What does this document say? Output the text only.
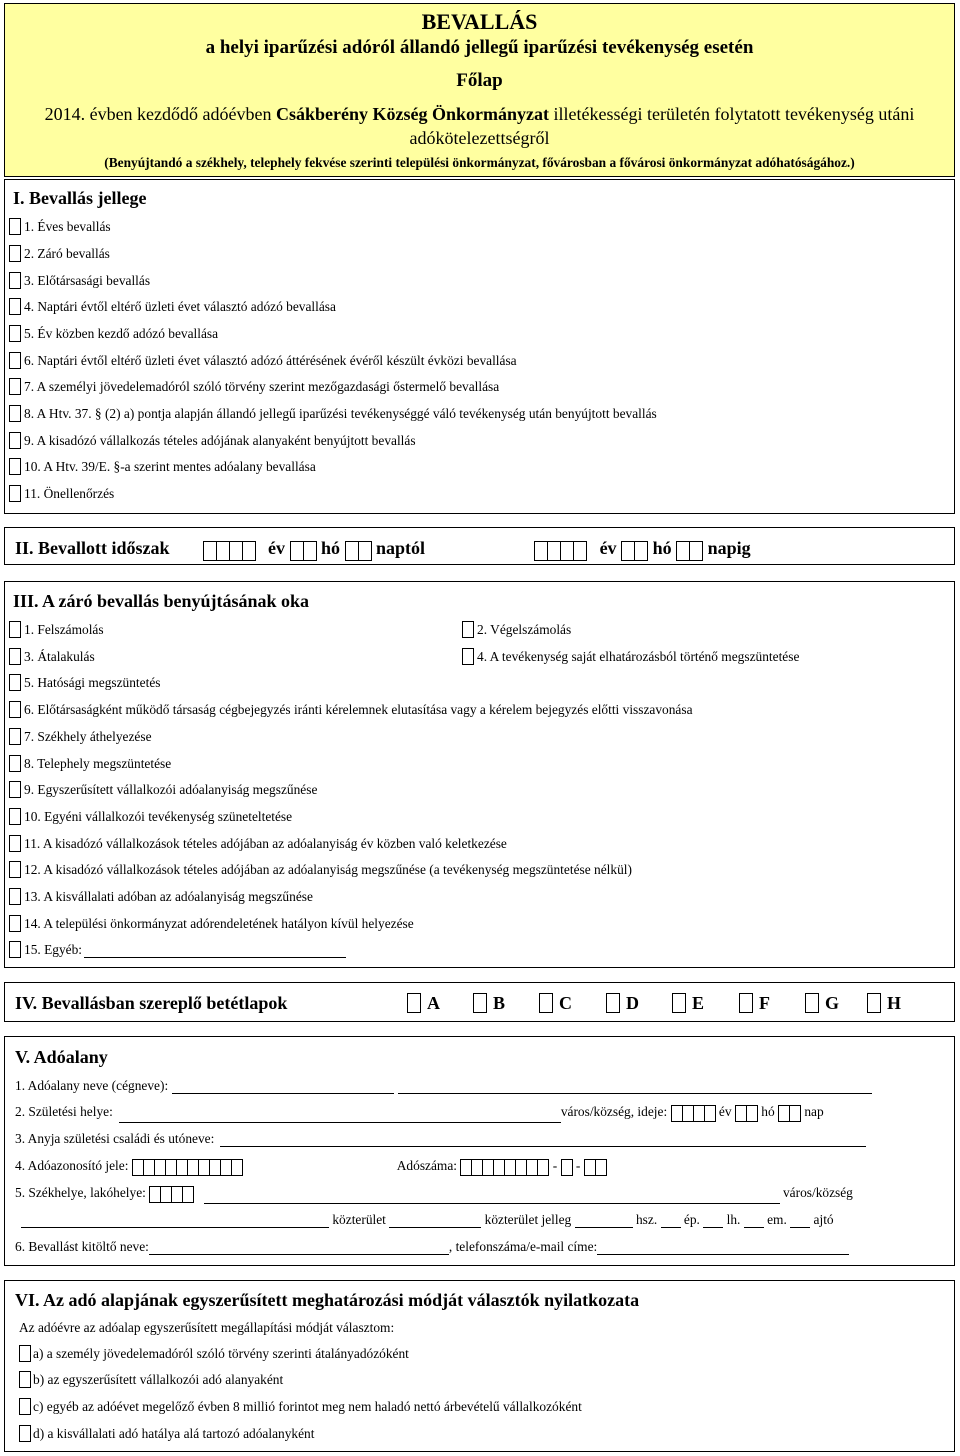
BEVALLÁS
a helyi iparűzési adóról állandó jellegű iparűzési tevékenység esetén
Főlap
2014. évben kezdődő adóévben Csákberény Község Önkormányzat illetékességi területén folytatott tevékenység utáni
adókötelezettségről
(Benyújtandó a székhely, telephely fekvése szerinti települési önkormányzat, fővárosban a fővárosi önkormányzat adóhatóságához.)
I. Bevallás jellege
1. Éves bevallás
2. Záró bevallás
3. Előtársasági bevallás
4. Naptári évtől eltérő üzleti évet választó adózó bevallása
5. Év közben kezdő adózó bevallása
6. Naptári évtől eltérő üzleti évet választó adózó áttérésének évéről készült évközi bevallása
7. A személyi jövedelemadóról szóló törvény szerint mezőgazdasági őstermelő bevallása
8. A Htv. 37. § (2) a) pontja alapján állandó jellegű iparűzési tevékenységgé váló tevékenység után benyújtott bevallás
9. A kisadózó vállalkozás tételes adójának alanyaként benyújtott bevallás
10. A Htv. 39/E. §-a szerint mentes adóalany bevallása
11. Önellenőrzés
II. Bevallott időszak	év hó naptól	év hó napig
III. A záró bevallás benyújtásának oka
1. Felszámolás	2. Végelszámolás
3. Átalakulás	4. A tevékenység saját elhatározásból történő megszüntetése
5. Hatósági megszüntetés
6. Előtársaságként működő társaság cégbejegyzés iránti kérelemnek elutasítása vagy a kérelem bejegyzés előtti visszavonása
7. Székhely áthelyezése
8. Telephely megszüntetése
9. Egyszerűsített vállalkozói adóalanyiság megszűnése
10. Egyéni vállalkozói tevékenység szüneteltetése
11. A kisadózó vállalkozások tételes adójában az adóalanyiság év közben való keletkezése
12. A kisadózó vállalkozások tételes adójában az adóalanyiság megszűnése (a tevékenység megszüntetése nélkül)
13. A kisvállalati adóban az adóalanyiság megszűnése
14. A települési önkormányzat adórendeletének hatályon kívül helyezése
15. Egyéb:
IV. Bevallásban szereplő betétlapok	A	B	C	D	E	F	G	H
V. Adóalany
1. Adóalany neve (cégneve):
2. Születési helye:	város/község, ideje:	év hó nap
3. Anyja születési családi és utóneve:
4. Adóazonosító jele:	Adószáma:	- -
5. Székhelye, lakóhelye:	város/község
közterület	közterület jelleg	hsz. ép. lh. em. ajtó
6. Bevallást kitöltő neve:	, telefonszáma/e-mail címe:
VI. Az adó alapjának egyszerűsített meghatározási módját választók nyilatkozata
Az adóévre az adóalap egyszerűsített megállapítási módját választom:
a) a személy jövedelemadóról szóló törvény szerinti átalányadózóként
b) az egyszerűsített vállalkozói adó alanyaként
c) egyéb az adóévet megelőző évben 8 millió forintot meg nem haladó nettó árbevételű vállalkozóként
d) a kisvállalati adó hatálya alá tartozó adóalanyként
